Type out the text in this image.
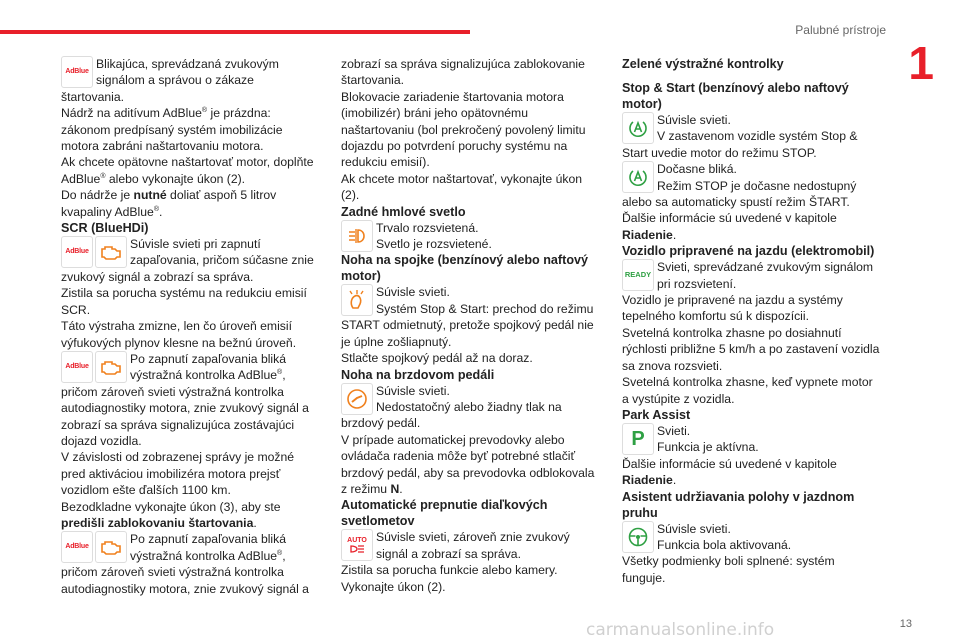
Palubné prístroje
1
AdBlue

Blikajúca, sprevádzaná zvukovým

signálom a správou o zákaze štartovania.

Nádrž na aditívum AdBlue® je prázdna: zákonom predpísaný systém imobilizácie motora zabráni naštartovaniu motora.

Ak chcete opätovne naštartovať motor, doplňte AdBlue® alebo vykonajte úkon (2).

Do nádrže je nutné doliať aspoň 5 litrov kvapaliny AdBlue®.

SCR (BlueHDi)

AdBlue

Súvisle svieti pri zapnutí

zapaľovania, pričom súčasne znie

zvukový signál a zobrazí sa správa.

Zistila sa porucha systému na redukciu emisií SCR.

Táto výstraha zmizne, len čo úroveň emisií výfukových plynov klesne na bežnú úroveň.

AdBlue

Po zapnutí zapaľovania bliká

výstražná kontrolka AdBlue®,

pričom zároveň svieti výstražná kontrolka autodiagnostiky motora, znie zvukový signál a zobrazí sa správa signalizujúca zostávajúci dojazd vozidla.

V závislosti od zobrazenej správy je možné pred aktiváciou imobilizéra motora prejsť vozidlom ešte ďalších 1100 km.

Bezodkladne vykonajte úkon (3), aby ste predišli zablokovaniu štartovania.

AdBlue

Po zapnutí zapaľovania bliká

výstražná kontrolka AdBlue®,

pričom zároveň svieti výstražná kontrolka autodiagnostiky motora, znie zvukový signál a

zobrazí sa správa signalizujúca zablokovanie štartovania.

Blokovacie zariadenie štartovania motora (imobilizér) bráni jeho opätovnému naštartovaniu (bol prekročený povolený limitu dojazdu po potvrdení poruchy systému na redukciu emisií).

Ak chcete motor naštartovať, vykonajte úkon (2).

Zadné hmlové svetlo

Trvalo rozsvietená.

Svetlo je rozsvietené.

Noha na spojke (benzínový alebo naftový motor)

Súvisle svieti.

Systém Stop & Start: prechod do režimu

START odmietnutý, pretože spojkový pedál nie je úplne zošliapnutý.

Stlačte spojkový pedál až na doraz.

Noha na brzdovom pedáli

Súvisle svieti.

Nedostatočný alebo žiadny tlak na

brzdový pedál.

V prípade automatickej prevodovky alebo ovládača radenia môže byť potrebné stlačiť brzdový pedál, aby sa prevodovka odblokovala z režimu N.

Automatické prepnutie diaľkových svetlometov

AUTO Súvisle svieti, zároveň znie zvukový

signál a zobrazí sa správa.

Zistila sa porucha funkcie alebo kamery.

Vykonajte úkon (2).

Zelené výstražné kontrolky

Stop & Start (benzínový alebo naftový motor)

Súvisle svieti.

V zastavenom vozidle systém Stop &

Start uvedie motor do režimu STOP.

Dočasne bliká.

Režim STOP je dočasne nedostupný

alebo sa automaticky spustí režim ŠTART.

Ďalšie informácie sú uvedené v kapitole Riadenie.

Vozidlo pripravené na jazdu (elektromobil)

READY

Svieti, sprevádzané zvukovým signálom

pri rozsvietení.

Vozidlo je pripravené na jazdu a systémy tepelného komfortu sú k dispozícii.

Svetelná kontrolka zhasne po dosiahnutí rýchlosti približne 5 km/h a po zastavení vozidla sa znova rozsvieti.

Svetelná kontrolka zhasne, keď vypnete motor a vystúpite z vozidla.

Park Assist

P	Svieti.

Funkcia je aktívna.

Ďalšie informácie sú uvedené v kapitole Riadenie.

Asistent udržiavania polohy v jazdnom pruhu

Súvisle svieti.

Funkcia bola aktivovaná.

Všetky podmienky boli splnené: systém funguje.

carmanualsonline.info	13
